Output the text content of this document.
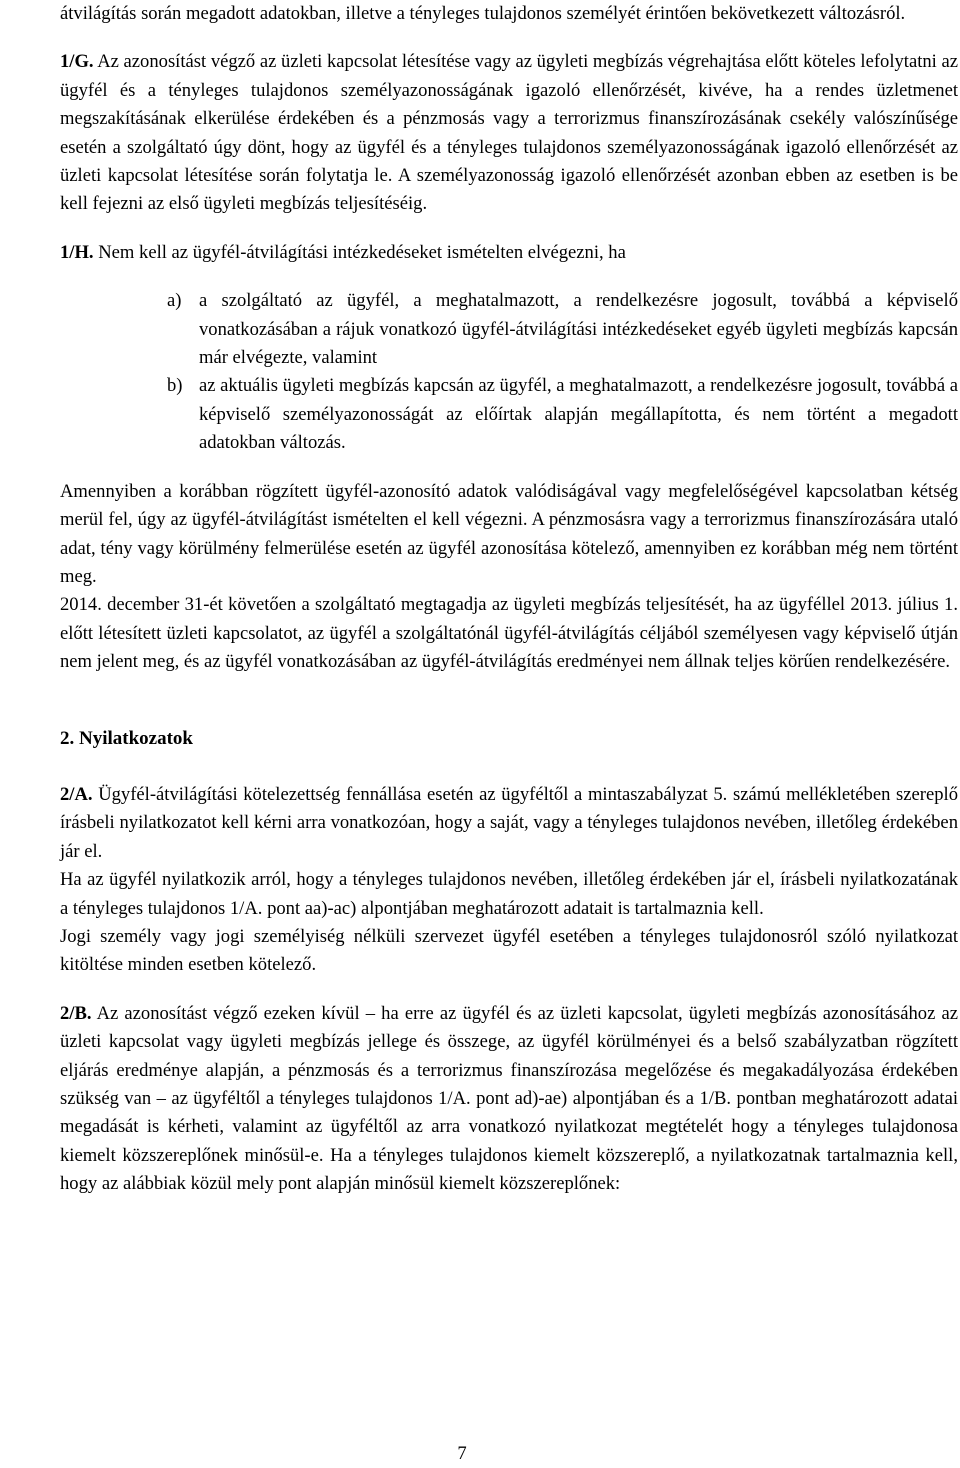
átvilágítás során megadott adatokban, illetve a tényleges tulajdonos személyét érintően bekövetkezett változásról.

1/G. Az azonosítást végző az üzleti kapcsolat létesítése vagy az ügyleti megbízás végrehajtása előtt köteles lefolytatni az ügyfél és a tényleges tulajdonos személyazonosságának igazoló ellenőrzését, kivéve, ha a rendes üzletmenet megszakításának elkerülése érdekében és a pénzmosás vagy a terrorizmus finanszírozásának csekély valószínűsége esetén a szolgáltató úgy dönt, hogy az ügyfél és a tényleges tulajdonos személyazonosságának igazoló ellenőrzését az üzleti kapcsolat létesítése során folytatja le. A személyazonosság igazoló ellenőrzését azonban ebben az esetben is be kell fejezni az első ügyleti megbízás teljesítéséig.

1/H. Nem kell az ügyfél-átvilágítási intézkedéseket ismételten elvégezni, ha

a) a szolgáltató az ügyfél, a meghatalmazott, a rendelkezésre jogosult, továbbá a képviselő vonatkozásában a rájuk vonatkozó ügyfél-átvilágítási intézkedéseket egyéb ügyleti megbízás kapcsán már elvégezte, valamint
b) az aktuális ügyleti megbízás kapcsán az ügyfél, a meghatalmazott, a rendelkezésre jogosult, továbbá a képviselő személyazonosságát az előírtak alapján megállapította, és nem történt a megadott adatokban változás.

Amennyiben a korábban rögzített ügyfél-azonosító adatok valódiságával vagy megfelelőségével kapcsolatban kétség merül fel, úgy az ügyfél-átvilágítást ismételten el kell végezni. A pénzmosásra vagy a terrorizmus finanszírozására utaló adat, tény vagy körülmény felmerülése esetén az ügyfél azonosítása kötelező, amennyiben ez korábban még nem történt meg.

2014. december 31-ét követően a szolgáltató megtagadja az ügyleti megbízás teljesítését, ha az ügyféllel 2013. július 1. előtt létesített üzleti kapcsolatot, az ügyfél a szolgáltatónál ügyfél-átvilágítás céljából személyesen vagy képviselő útján nem jelent meg, és az ügyfél vonatkozásában az ügyfél-átvilágítás eredményei nem állnak teljes körűen rendelkezésére.

2. Nyilatkozatok

2/A. Ügyfél-átvilágítási kötelezettség fennállása esetén az ügyféltől a mintaszabályzat 5. számú mellékletében szereplő írásbeli nyilatkozatot kell kérni arra vonatkozóan, hogy a saját, vagy a tényleges tulajdonos nevében, illetőleg érdekében jár el.

Ha az ügyfél nyilatkozik arról, hogy a tényleges tulajdonos nevében, illetőleg érdekében jár el, írásbeli nyilatkozatának a tényleges tulajdonos 1/A. pont aa)-ac) alpontjában meghatározott adatait is tartalmaznia kell.

Jogi személy vagy jogi személyiség nélküli szervezet ügyfél esetében a tényleges tulajdonosról szóló nyilatkozat kitöltése minden esetben kötelező.

2/B. Az azonosítást végző ezeken kívül – ha erre az ügyfél és az üzleti kapcsolat, ügyleti megbízás azonosításához az üzleti kapcsolat vagy ügyleti megbízás jellege és összege, az ügyfél körülményei és a belső szabályzatban rögzített eljárás eredménye alapján, a pénzmosás és a terrorizmus finanszírozása megelőzése és megakadályozása érdekében szükség van – az ügyféltől a tényleges tulajdonos 1/A. pont ad)-ae) alpontjában és a 1/B. pontban meghatározott adatai megadását is kérheti, valamint az ügyféltől az arra vonatkozó nyilatkozat megtételét hogy a tényleges tulajdonosa kiemelt közszereplőnek minősül-e. Ha a tényleges tulajdonos kiemelt közszereplő, a nyilatkozatnak tartalmaznia kell, hogy az alábbiak közül mely pont alapján minősül kiemelt közszereplőnek:

7
